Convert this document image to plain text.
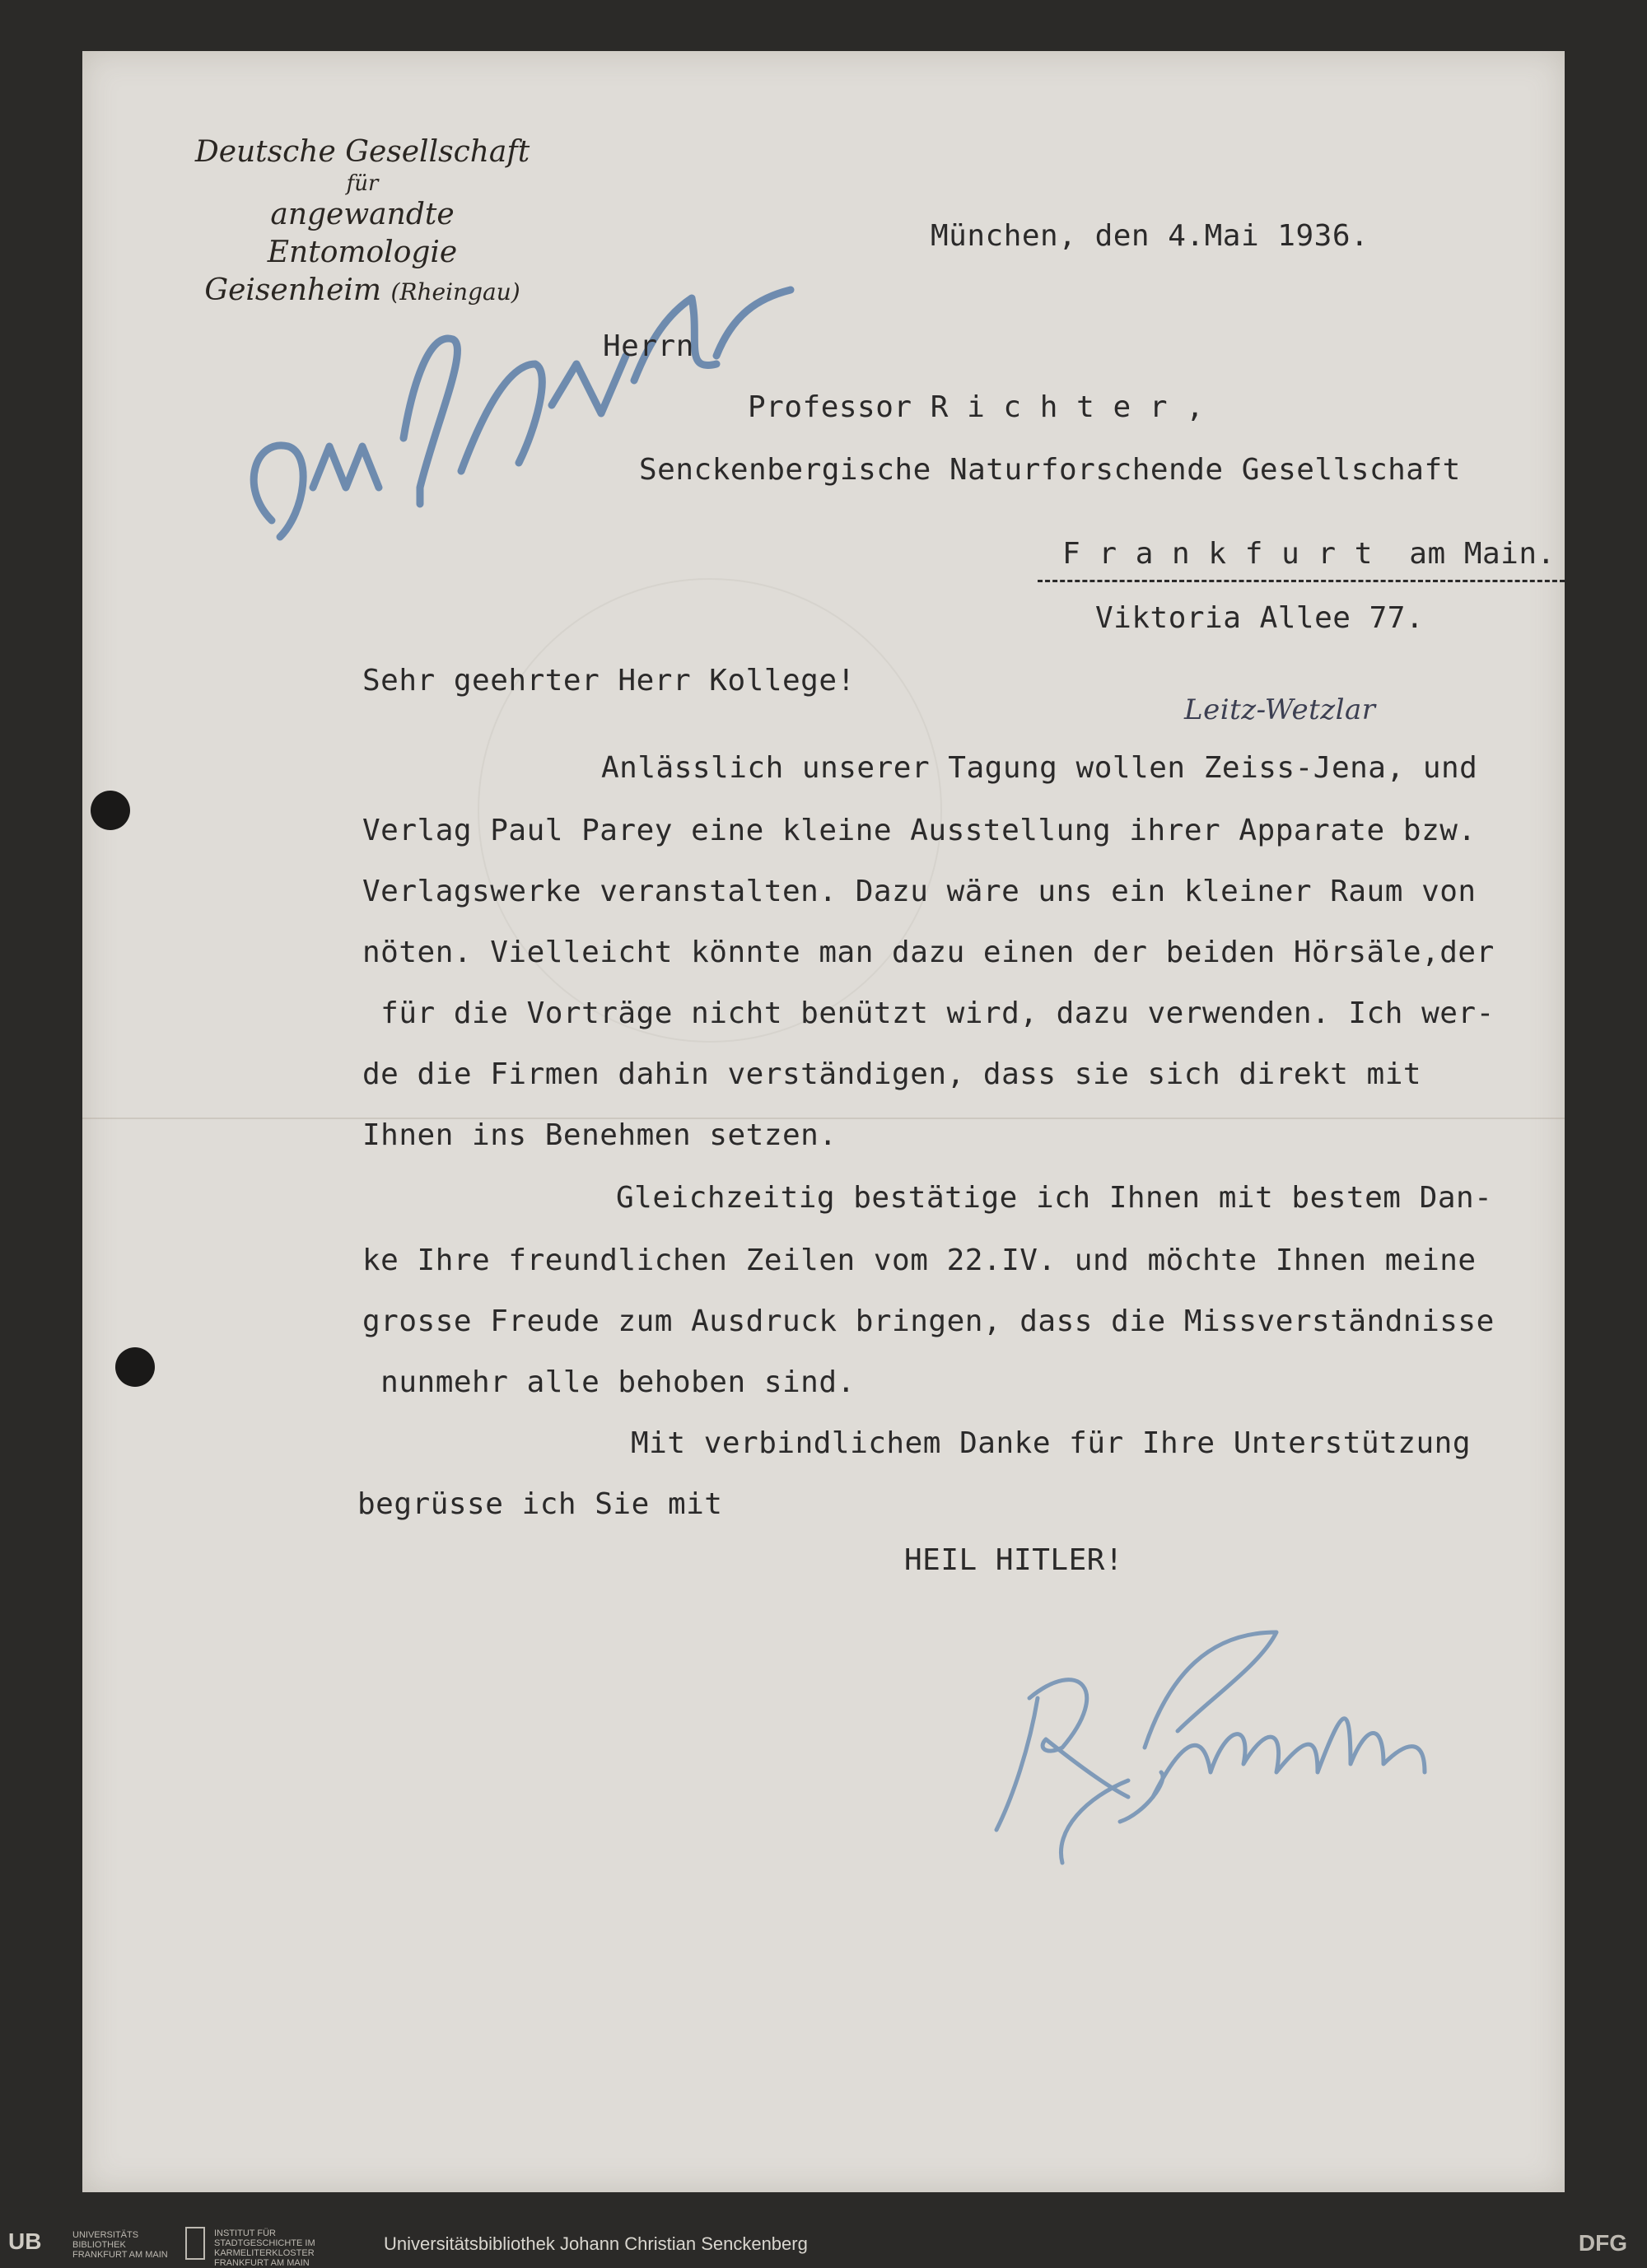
Deutsche Gesellschaft
für
angewandte Entomologie
Geisenheim (Rheingau)
München, den 4.Mai 1936.
Herrn
Professor R i c h t e r ,
Senckenbergische Naturforschende Gesellschaft
F r a n k f u r t  am Main.
Viktoria Allee 77.
Sehr geehrter Herr Kollege!
Leitz-Wetzlar
Anlässlich unserer Tagung wollen Zeiss-Jena, und
Verlag Paul Parey eine kleine Ausstellung ihrer Apparate bzw.
Verlagswerke veranstalten. Dazu wäre uns ein kleiner Raum von
nöten. Vielleicht könnte man dazu einen der beiden Hörsäle,der
für die Vorträge nicht benützt wird, dazu verwenden. Ich wer-
de die Firmen dahin verständigen, dass sie sich direkt mit
Ihnen ins Benehmen setzen.
Gleichzeitig bestätige ich Ihnen mit bestem Dan-
ke Ihre freundlichen Zeilen vom 22.IV. und möchte Ihnen meine
grosse Freude zum Ausdruck bringen, dass die Missverständnisse
nunmehr alle behoben sind.
Mit verbindlichem Danke für Ihre Unterstützung
begrüsse ich Sie mit
HEIL HITLER!
UB	UNIVERSITÄTS BIBLIOTHEK FRANKFURT AM MAIN
INSTITUT FÜR STADTGESCHICHTE IM KARMELITERKLOSTER FRANKFURT AM MAIN
Universitätsbibliothek Johann Christian Senckenberg	DFG
